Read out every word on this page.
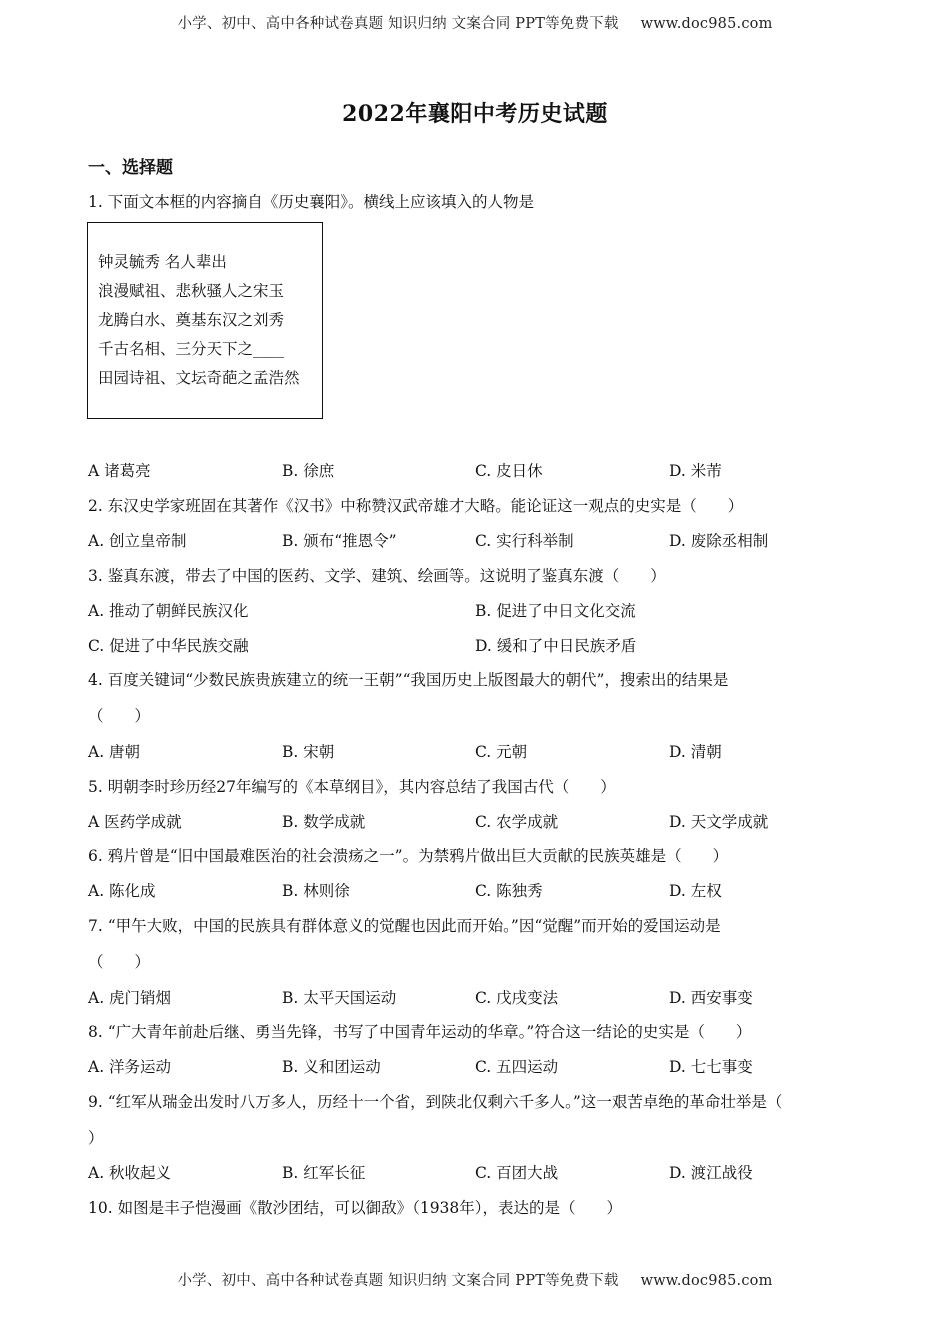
小学、初中、高中各种试卷真题 知识归纳 文案合同 PPT等免费下载 www.doc985.com
2022年襄阳中考历史试题
一、选择题
1. 下面文本框的内容摘自《历史襄阳》。横线上应该填入的人物是
钟灵毓秀 名人辈出
浪漫赋祖、悲秋骚人之宋玉
龙腾白水、奠基东汉之刘秀
千古名相、三分天下之____
田园诗祖、文坛奇葩之孟浩然
A 诸葛亮	B. 徐庶	C. 皮日休	D. 米芾
2. 东汉史学家班固在其著作《汉书》中称赞汉武帝雄才大略。能论证这一观点的史实是（　　）
A. 创立皇帝制	B. 颁布“推恩令”	C. 实行科举制	D. 废除丞相制
3. 鉴真东渡，带去了中国的医药、文学、建筑、绘画等。这说明了鉴真东渡（　　）
A. 推动了朝鲜民族汉化	B. 促进了中日文化交流
C. 促进了中华民族交融	D. 缓和了中日民族矛盾
4. 百度关键词“少数民族贵族建立的统一王朝”“我国历史上版图最大的朝代”，搜索出的结果是
（　　）
A. 唐朝	B. 宋朝	C. 元朝	D. 清朝
5. 明朝李时珍历经27年编写的《本草纲目》，其内容总结了我国古代（　　）
A 医药学成就	B. 数学成就	C. 农学成就	D. 天文学成就
6. 鸦片曾是“旧中国最难医治的社会溃疡之一”。为禁鸦片做出巨大贡献的民族英雄是（　　）
A. 陈化成	B. 林则徐	C. 陈独秀	D. 左权
7. “甲午大败，中国的民族具有群体意义的觉醒也因此而开始。”因“觉醒”而开始的爱国运动是
（　　）
A. 虎门销烟	B. 太平天国运动	C. 戊戌变法	D. 西安事变
8. “广大青年前赴后继、勇当先锋，书写了中国青年运动的华章。”符合这一结论的史实是（　　）
A. 洋务运动	B. 义和团运动	C. 五四运动	D. 七七事变
9. “红军从瑞金出发时八万多人，历经十一个省，到陕北仅剩六千多人。”这一艰苦卓绝的革命壮举是（
）
A. 秋收起义	B. 红军长征	C. 百团大战	D. 渡江战役
10. 如图是丰子恺漫画《散沙团结，可以御敌》（1938年），表达的是（　　）
小学、初中、高中各种试卷真题 知识归纳 文案合同 PPT等免费下载 www.doc985.com
